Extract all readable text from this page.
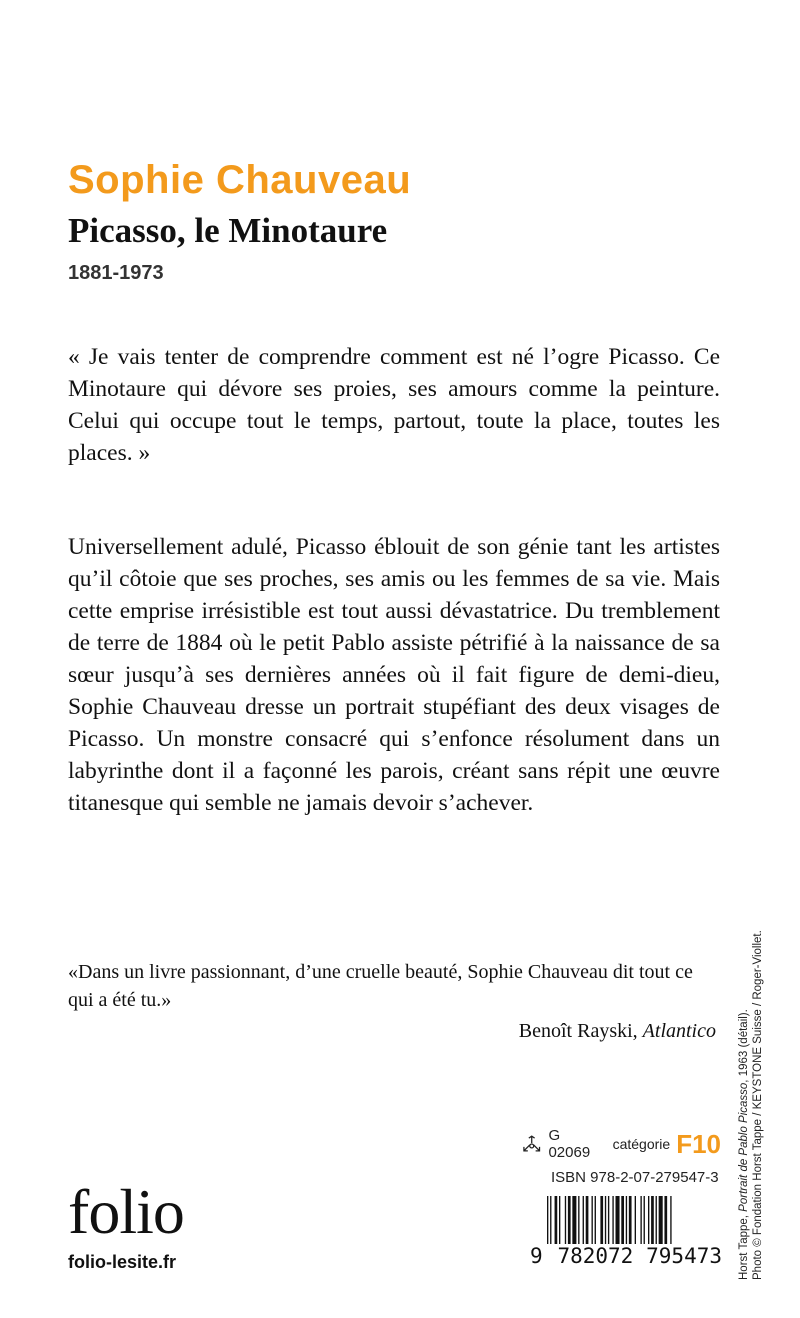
Sophie Chauveau
Picasso, le Minotaure
1881-1973

« Je vais tenter de comprendre comment est né l’ogre Picasso. Ce Minotaure qui dévore ses proies, ses amours comme la peinture. Celui qui occupe tout le temps, partout, toute la place, toutes les places. »

Universellement adulé, Picasso éblouit de son génie tant les artistes qu’il côtoie que ses proches, ses amis ou les femmes de sa vie. Mais cette emprise irrésistible est tout aussi dévastatrice. Du tremblement de terre de 1884 où le petit Pablo assiste pétrifié à la naissance de sa sœur jusqu’à ses dernières années où il fait figure de demi-dieu, Sophie Chauveau dresse un portrait stupéfiant des deux visages de Picasso. Un monstre consacré qui s’enfonce résolument dans un labyrinthe dont il a façonné les parois, créant sans répit une œuvre titanesque qui semble ne jamais devoir s’achever.

«Dans un livre passionnant, d’une cruelle beauté, Sophie Chauveau dit tout ce qui a été tu.»

Benoît Rayski, Atlantico

G 02069	catégorie F10
ISBN 978-2-07-279547-3
9 782072 795473
folio
folio-lesite.fr	Horst Tappe, Portrait de Pablo Picasso, 1963 (détail). Photo © Fondation Horst Tappe / KEYSTONE Suisse / Roger-Viollet.
